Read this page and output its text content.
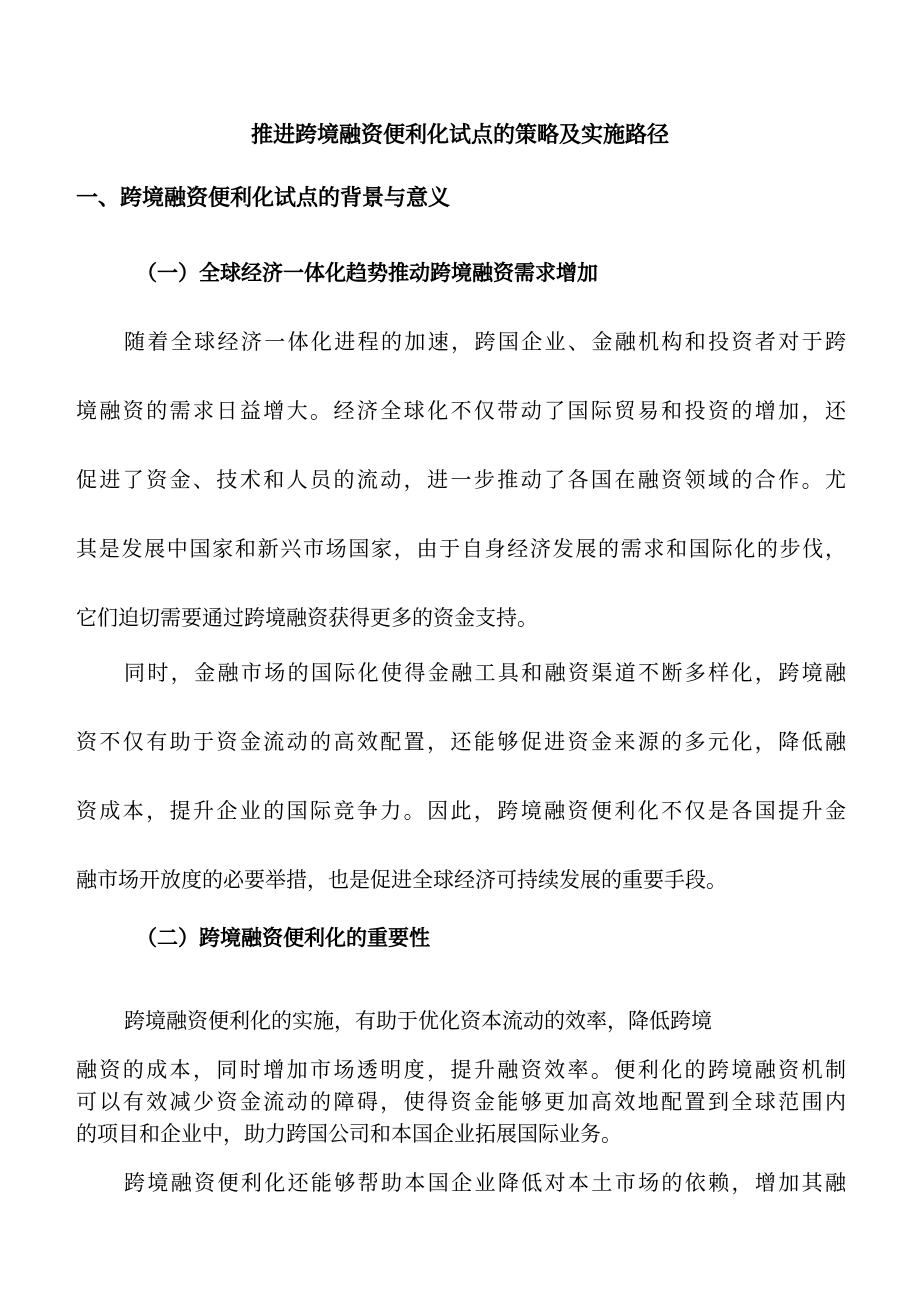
推进跨境融资便利化试点的策略及实施路径
一、跨境融资便利化试点的背景与意义
（一）全球经济一体化趋势推动跨境融资需求增加
随着全球经济一体化进程的加速，跨国企业、金融机构和投资者对于跨
境融资的需求日益增大。经济全球化不仅带动了国际贸易和投资的增加，还
促进了资金、技术和人员的流动，进一步推动了各国在融资领域的合作。尤
其是发展中国家和新兴市场国家，由于自身经济发展的需求和国际化的步伐，
它们迫切需要通过跨境融资获得更多的资金支持。
同时，金融市场的国际化使得金融工具和融资渠道不断多样化，跨境融
资不仅有助于资金流动的高效配置，还能够促进资金来源的多元化，降低融
资成本，提升企业的国际竞争力。因此，跨境融资便利化不仅是各国提升金
融市场开放度的必要举措，也是促进全球经济可持续发展的重要手段。
（二）跨境融资便利化的重要性
跨境融资便利化的实施，有助于优化资本流动的效率，降低跨境
融资的成本，同时增加市场透明度，提升融资效率。便利化的跨境融资机制
可以有效减少资金流动的障碍，使得资金能够更加高效地配置到全球范围内
的项目和企业中，助力跨国公司和本国企业拓展国际业务。
跨境融资便利化还能够帮助本国企业降低对本土市场的依赖，增加其融
